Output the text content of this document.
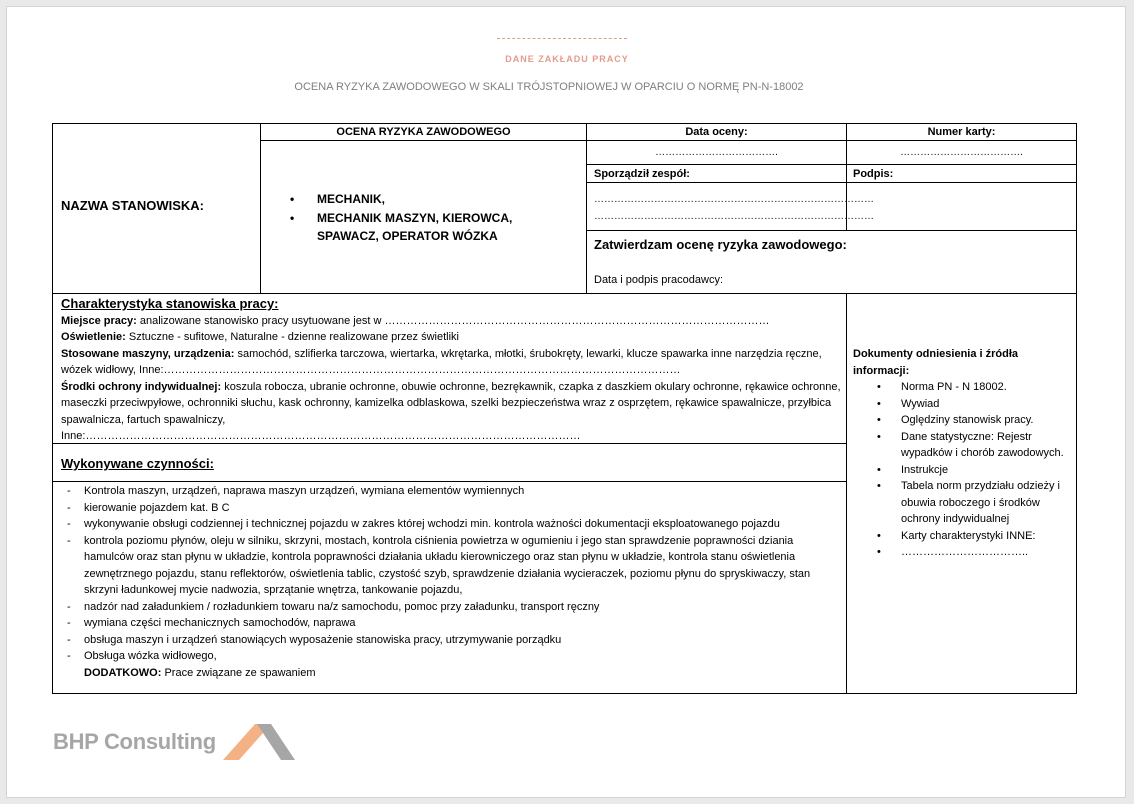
DANE ZAKŁADU PRACY
OCENA RYZYKA ZAWODOWEGO W SKALI TRÓJSTOPNIOWEJ W OPARCIU O NORMĘ PN-N-18002
NAZWA STANOWISKA:
OCENA RYZYKA ZAWODOWEGO
• MECHANIK,
• MECHANIK MASZYN, KIEROWCA, SPAWACZ, OPERATOR WÓZKA
Data oceny:	Numer karty:
……………………………….	……………………………….
Sporządził zespół:	Podpis:
…………………………………………………………………………
…………………………………………………………………………
Zatwierdzam ocenę ryzyka zawodowego:
Data i podpis pracodawcy:
Charakterystyka stanowiska pracy:
Miejsce pracy: analizowane stanowisko pracy usytuowane jest w ……………………………………………………………………………………………
Oświetlenie: Sztuczne - sufitowe, Naturalne - dzienne realizowane przez świetliki
Stosowane maszyny, urządzenia: samochód, szlifierka tarczowa, wiertarka, wkrętarka, młotki, śrubokręty, lewarki, klucze spawarka inne narzędzia ręczne, wózek widłowy, Inne:……………………………………………………………………………………………………………………………
Środki ochrony indywidualnej: koszula robocza, ubranie ochronne, obuwie ochronne, bezrękawnik, czapka z daszkiem okulary ochronne, rękawice ochronne, maseczki przeciwpyłowe, ochronniki słuchu, kask ochronny, kamizelka odblaskowa, szelki bezpieczeństwa wraz z osprzętem, rękawice spawalnicze, przyłbica spawalnicza, fartuch spawalniczy,
Inne:………………………………………………………………………………………………………………………
Wykonywane czynności:
- Kontrola maszyn, urządzeń, naprawa maszyn urządzeń, wymiana elementów wymiennych
- kierowanie pojazdem kat. B C
- wykonywanie obsługi codziennej i technicznej pojazdu w zakres której wchodzi min. kontrola ważności dokumentacji eksploatowanego pojazdu
- kontrola poziomu płynów, oleju w silniku, skrzyni, mostach, kontrola ciśnienia powietrza w ogumieniu i jego stan sprawdzenie poprawności dziania hamulców oraz stan płynu w układzie, kontrola poprawności działania układu kierowniczego oraz stan płynu w układzie, kontrola stanu oświetlenia zewnętrznego pojazdu, stanu reflektorów, oświetlenia tablic, czystość szyb, sprawdzenie działania wycieraczek, poziomu płynu do spryskiwaczy, stan skrzyni ładunkowej mycie nadwozia, sprzątanie wnętrza, tankowanie pojazdu,
- nadzór nad załadunkiem / rozładunkiem towaru na/z samochodu, pomoc przy załadunku, transport ręczny
- wymiana części mechanicznych samochodów, naprawa
- obsługa maszyn i urządzeń stanowiących wyposażenie stanowiska pracy, utrzymywanie porządku
- Obsługa wózka widłowego,
DODATKOWO: Prace związane ze spawaniem
Dokumenty odniesienia i źródła informacji:
• Norma PN - N 18002.
• Wywiad
• Oględziny stanowisk pracy.
• Dane statystyczne: Rejestr wypadków i chorób zawodowych.
• Instrukcje
• Tabela norm przydziału odzieży i obuwia roboczego i środków ochrony indywidualnej
• Karty charakterystyki INNE:
• ……………………………..
BHP Consulting
